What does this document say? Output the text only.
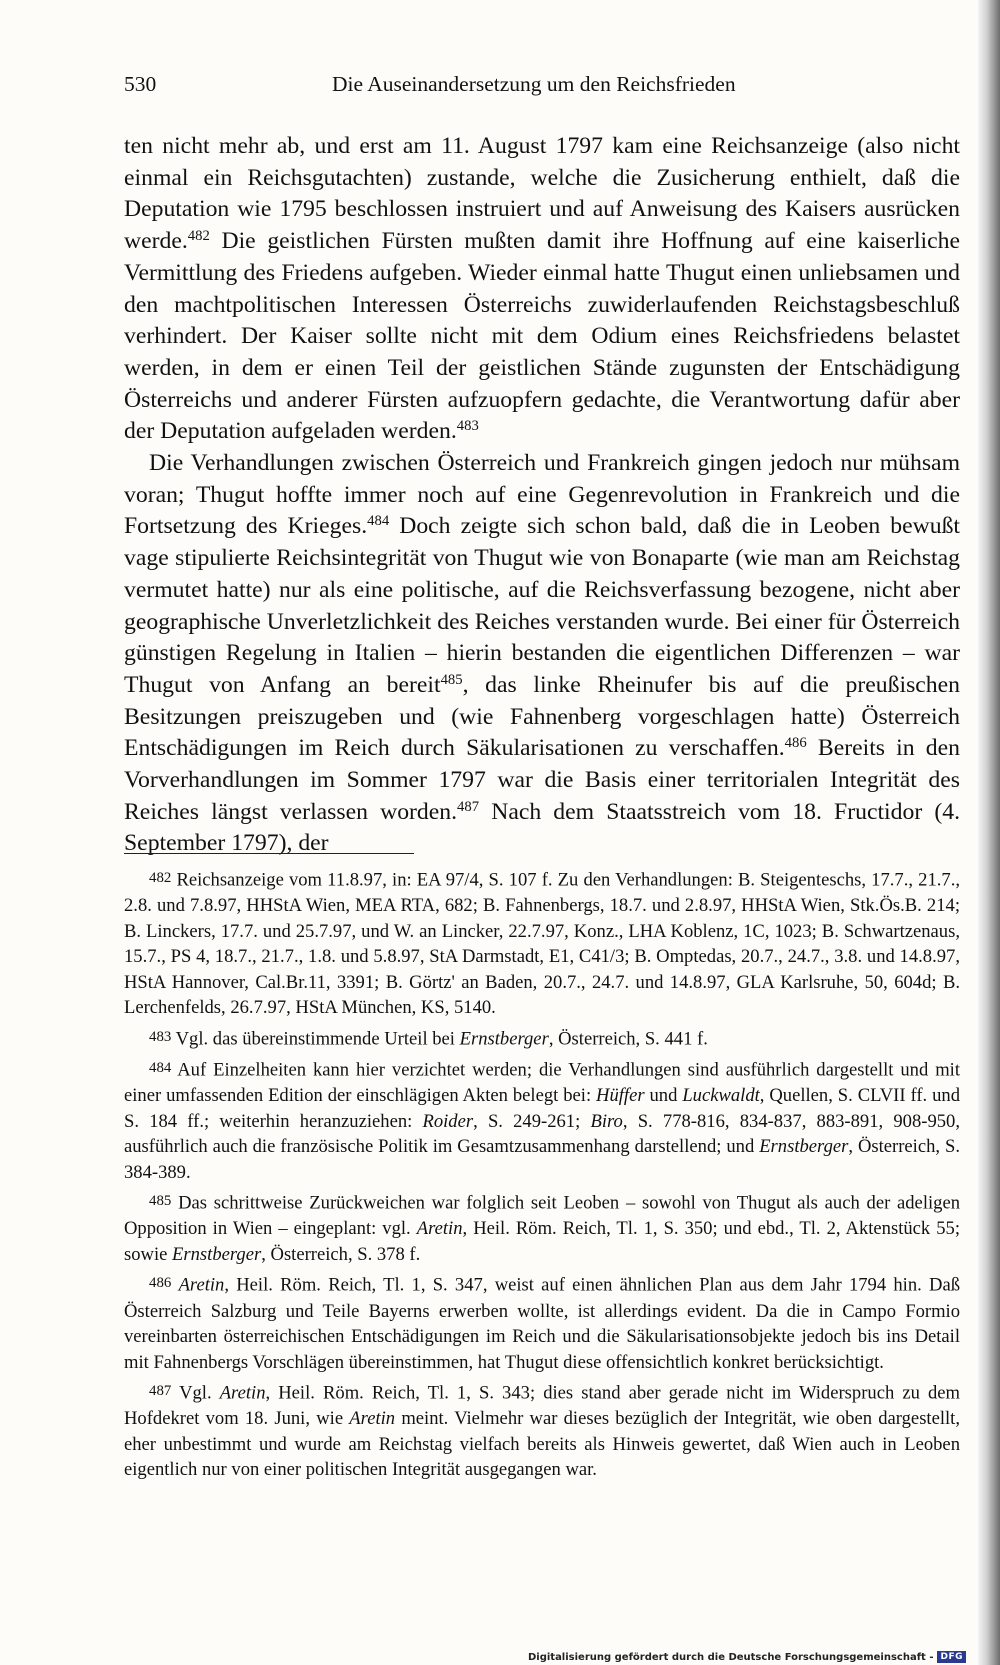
530	Die Auseinandersetzung um den Reichsfrieden

ten nicht mehr ab, und erst am 11. August 1797 kam eine Reichsanzeige (also nicht einmal ein Reichsgutachten) zustande, welche die Zusicherung enthielt, daß die Deputation wie 1795 beschlossen instruiert und auf Anweisung des Kaisers ausrücken werde.$^{482}$ Die geistlichen Fürsten mußten damit ihre Hoffnung auf eine kaiserliche Vermittlung des Friedens aufgeben. Wieder einmal hatte Thugut einen unliebsamen und den machtpolitischen Interessen Österreichs zuwiderlaufenden Reichstagsbeschluß verhindert. Der Kaiser sollte nicht mit dem Odium eines Reichsfriedens belastet werden, in dem er einen Teil der geistlichen Stände zugunsten der Entschädigung Österreichs und anderer Fürsten aufzuopfern gedachte, die Verantwortung dafür aber der Deputation aufgeladen werden.$^{483}$

Die Verhandlungen zwischen Österreich und Frankreich gingen jedoch nur mühsam voran; Thugut hoffte immer noch auf eine Gegenrevolution in Frankreich und die Fortsetzung des Krieges.$^{484}$ Doch zeigte sich schon bald, daß die in Leoben bewußt vage stipulierte Reichsintegrität von Thugut wie von Bonaparte (wie man am Reichstag vermutet hatte) nur als eine politische, auf die Reichsverfassung bezogene, nicht aber geographische Unverletzlichkeit des Reiches verstanden wurde. Bei einer für Österreich günstigen Regelung in Italien – hierin bestanden die eigentlichen Differenzen – war Thugut von Anfang an bereit$^{485}$, das linke Rheinufer bis auf die preußischen Besitzungen preiszugeben und (wie Fahnenberg vorgeschlagen hatte) Österreich Entschädigungen im Reich durch Säkularisationen zu verschaffen.$^{486}$ Bereits in den Vorverhandlungen im Sommer 1797 war die Basis einer territorialen Integrität des Reiches längst verlassen worden.$^{487}$ Nach dem Staatsstreich vom 18. Fructidor (4. September 1797), der

482 Reichsanzeige vom 11.8.97, in: EA 97/4, S. 107 f. Zu den Verhandlungen: B. Steigenteschs, 17.7., 21.7., 2.8. und 7.8.97, HHStA Wien, MEA RTA, 682; B. Fahnenbergs, 18.7. und 2.8.97, HHStA Wien, Stk.Ös.B. 214; B. Linckers, 17.7. und 25.7.97, und W. an Lincker, 22.7.97, Konz., LHA Koblenz, 1C, 1023; B. Schwartzenaus, 15.7., PS 4, 18.7., 21.7., 1.8. und 5.8.97, StA Darmstadt, E1, C41/3; B. Omptedas, 20.7., 24.7., 3.8. und 14.8.97, HStA Hannover, Cal.Br.11, 3391; B. Görtz' an Baden, 20.7., 24.7. und 14.8.97, GLA Karlsruhe, 50, 604d; B. Lerchenfelds, 26.7.97, HStA München, KS, 5140.

483 Vgl. das übereinstimmende Urteil bei Ernstberger, Österreich, S. 441 f.

484 Auf Einzelheiten kann hier verzichtet werden; die Verhandlungen sind ausführlich dargestellt und mit einer umfassenden Edition der einschlägigen Akten belegt bei: Hüffer und Luckwaldt, Quellen, S. CLVII ff. und S. 184 ff.; weiterhin heranzuziehen: Roider, S. 249-261; Biro, S. 778-816, 834-837, 883-891, 908-950, ausführlich auch die französische Politik im Gesamtzusammenhang darstellend; und Ernstberger, Österreich, S. 384-389.

485 Das schrittweise Zurückweichen war folglich seit Leoben – sowohl von Thugut als auch der adeligen Opposition in Wien – eingeplant: vgl. Aretin, Heil. Röm. Reich, Tl. 1, S. 350; und ebd., Tl. 2, Aktenstück 55; sowie Ernstberger, Österreich, S. 378 f.

486 Aretin, Heil. Röm. Reich, Tl. 1, S. 347, weist auf einen ähnlichen Plan aus dem Jahr 1794 hin. Daß Österreich Salzburg und Teile Bayerns erwerben wollte, ist allerdings evident. Da die in Campo Formio vereinbarten österreichischen Entschädigungen im Reich und die Säkularisationsobjekte jedoch bis ins Detail mit Fahnenbergs Vorschlägen übereinstimmen, hat Thugut diese offensichtlich konkret berücksichtigt.

487 Vgl. Aretin, Heil. Röm. Reich, Tl. 1, S. 343; dies stand aber gerade nicht im Widerspruch zu dem Hofdekret vom 18. Juni, wie Aretin meint. Vielmehr war dieses bezüglich der Integrität, wie oben dargestellt, eher unbestimmt und wurde am Reichstag vielfach bereits als Hinweis gewertet, daß Wien auch in Leoben eigentlich nur von einer politischen Integrität ausgegangen war.

Digitalisierung gefördert durch die Deutsche Forschungsgemeinschaft - DFG
